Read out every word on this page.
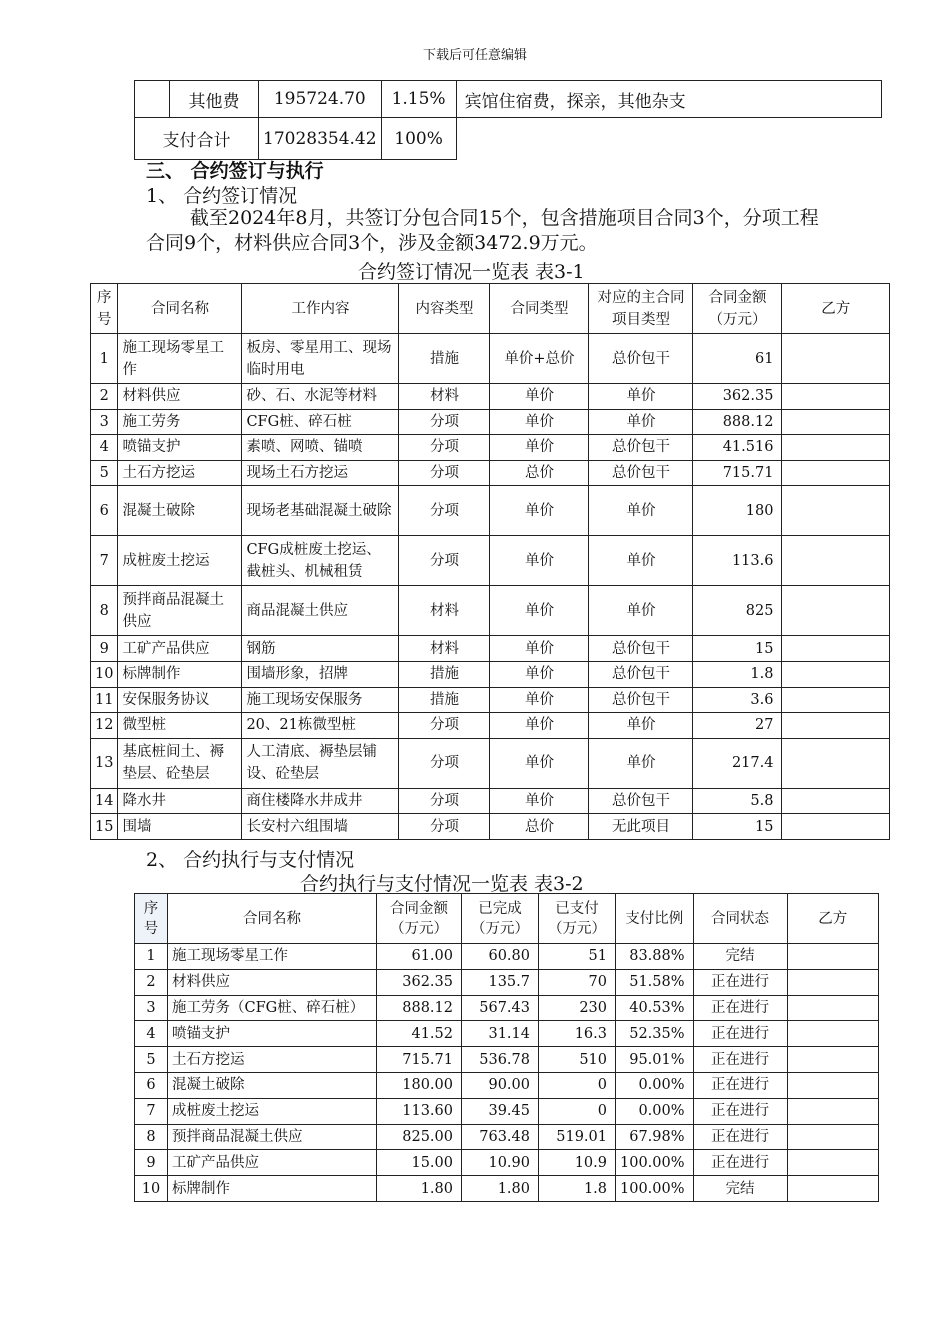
下载后可任意编辑
	其他费	195724.70	1.15%	宾馆住宿费，探亲，其他杂支
支付合计		17028354.42	100%	
三、 合约签订与执行
1、 合约签订情况
截至2024年8月，共签订分包合同15个，包含措施项目合同3个，分项工程合同9个，材料供应合同3个，涉及金额3472.9万元。
合约签订情况一览表 表3-1
序号	合同名称	工作内容	内容类型	合同类型	对应的主合同项目类型	合同金额（万元）	乙方
1	施工现场零星工作	板房、零星用工、现场临时用电	措施	单价+总价	总价包干	61	
2	材料供应	砂、石、水泥等材料	材料	单价	单价	362.35	
3	施工劳务	CFG桩、碎石桩	分项	单价	单价	888.12	
4	喷锚支护	素喷、网喷、锚喷	分项	单价	总价包干	41.516	
5	土石方挖运	现场土石方挖运	分项	总价	总价包干	715.71	
6	混凝土破除	现场老基础混凝土破除	分项	单价	单价	180	
7	成桩废土挖运	CFG成桩废土挖运、截桩头、机械租赁	分项	单价	单价	113.6	
8	预拌商品混凝土供应	商品混凝土供应	材料	单价	单价	825	
9	工矿产品供应	钢筋	材料	单价	总价包干	15	
10	标牌制作	围墙形象，招牌	措施	单价	总价包干	1.8	
11	安保服务协议	施工现场安保服务	措施	单价	总价包干	3.6	
12	微型桩	20、21栋微型桩	分项	单价	单价	27	
13	基底桩间土、褥垫层、砼垫层	人工清底、褥垫层铺设、砼垫层	分项	单价	单价	217.4	
14	降水井	商住楼降水井成井	分项	单价	总价包干	5.8	
15	围墙	长安村六组围墙	分项	总价	无此项目	15	
2、 合约执行与支付情况
合约执行与支付情况一览表 表3-2
序号	合同名称	合同金额（万元）	已完成（万元）	已支付（万元）	支付比例	合同状态	乙方
1	施工现场零星工作	61.00	60.80	51	83.88%	完结	
2	材料供应	362.35	135.7	70	51.58%	正在进行	
3	施工劳务（CFG桩、碎石桩）	888.12	567.43	230	40.53%	正在进行	
4	喷锚支护	41.52	31.14	16.3	52.35%	正在进行	
5	土石方挖运	715.71	536.78	510	95.01%	正在进行	
6	混凝土破除	180.00	90.00	0	0.00%	正在进行	
7	成桩废土挖运	113.60	39.45	0	0.00%	正在进行	
8	预拌商品混凝土供应	825.00	763.48	519.01	67.98%	正在进行	
9	工矿产品供应	15.00	10.90	10.9	100.00%	正在进行	
10	标牌制作	1.80	1.80	1.8	100.00%	完结	
